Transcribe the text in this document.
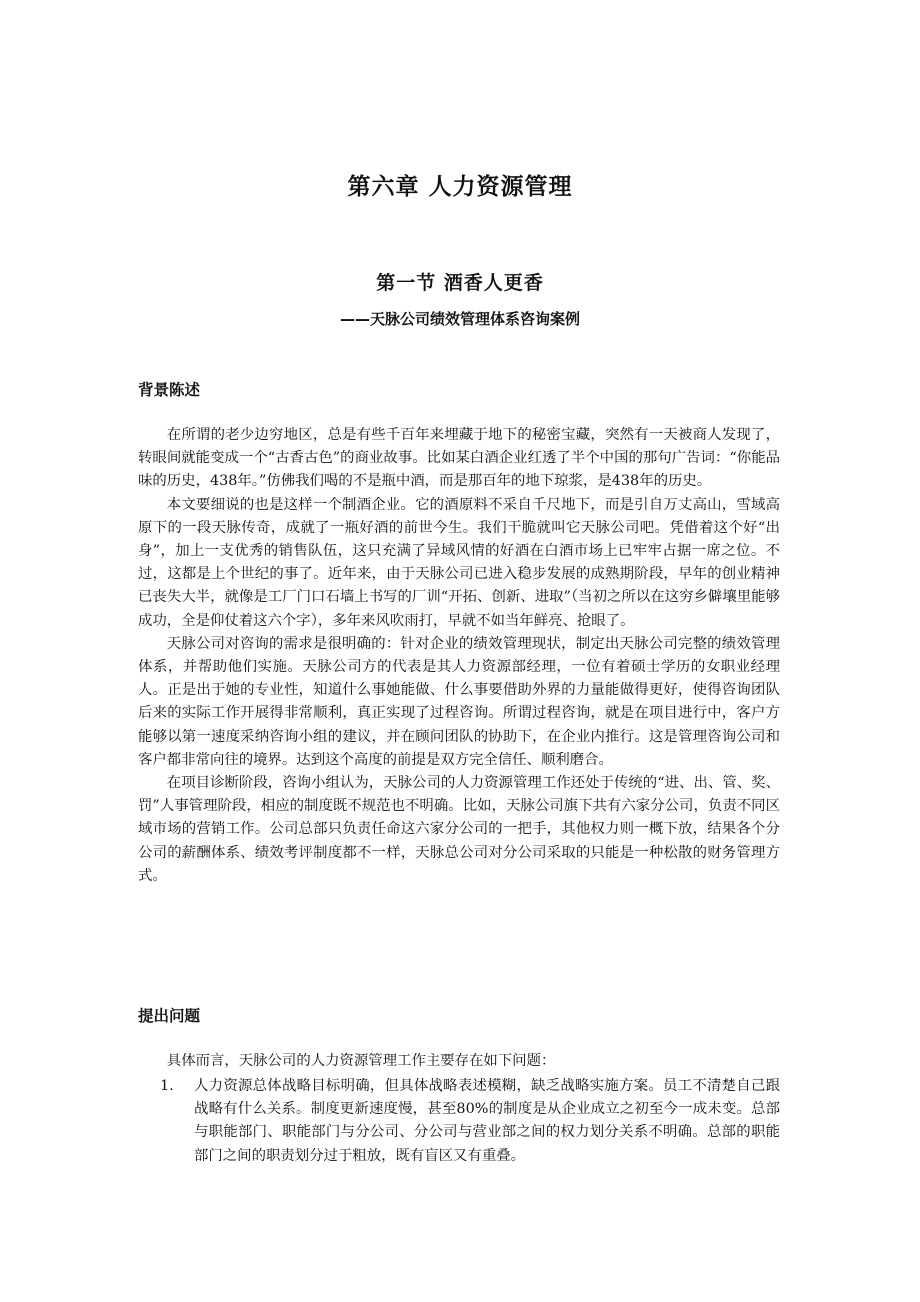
第六章 人力资源管理
第一节 酒香人更香
——天脉公司绩效管理体系咨询案例
背景陈述

在所谓的老少边穷地区，总是有些千百年来埋藏于地下的秘密宝藏，突然有一天被商人发现了，转眼间就能变成一个“古香古色”的商业故事。比如某白酒企业红透了半个中国的那句广告词：“你能品味的历史，438年。”仿佛我们喝的不是瓶中酒，而是那百年的地下琼浆，是438年的历史。

本文要细说的也是这样一个制酒企业。它的酒原料不采自千尺地下，而是引自万丈高山，雪域高原下的一段天脉传奇，成就了一瓶好酒的前世今生。我们干脆就叫它天脉公司吧。凭借着这个好“出身”，加上一支优秀的销售队伍，这只充满了异域风情的好酒在白酒市场上已牢牢占据一席之位。不过，这都是上个世纪的事了。近年来，由于天脉公司已进入稳步发展的成熟期阶段，早年的创业精神已丧失大半，就像是工厂门口石墙上书写的厂训“开拓、创新、进取”（当初之所以在这穷乡僻壤里能够成功，全是仰仗着这六个字），多年来风吹雨打，早就不如当年鲜亮、抢眼了。

天脉公司对咨询的需求是很明确的：针对企业的绩效管理现状，制定出天脉公司完整的绩效管理体系，并帮助他们实施。天脉公司方的代表是其人力资源部经理，一位有着硕士学历的女职业经理人。正是出于她的专业性，知道什么事她能做、什么事要借助外界的力量能做得更好，使得咨询团队后来的实际工作开展得非常顺利，真正实现了过程咨询。所谓过程咨询，就是在项目进行中，客户方能够以第一速度采纳咨询小组的建议，并在顾问团队的协助下，在企业内推行。这是管理咨询公司和客户都非常向往的境界。达到这个高度的前提是双方完全信任、顺利磨合。

在项目诊断阶段，咨询小组认为，天脉公司的人力资源管理工作还处于传统的“进、出、管、奖、罚”人事管理阶段，相应的制度既不规范也不明确。比如，天脉公司旗下共有六家分公司，负责不同区域市场的营销工作。公司总部只负责任命这六家分公司的一把手，其他权力则一概下放，结果各个分公司的薪酬体系、绩效考评制度都不一样，天脉总公司对分公司采取的只能是一种松散的财务管理方式。

提出问题

具体而言，天脉公司的人力资源管理工作主要存在如下问题：

1. 人力资源总体战略目标明确，但具体战略表述模糊，缺乏战略实施方案。员工不清楚自己跟战略有什么关系。制度更新速度慢，甚至80%的制度是从企业成立之初至今一成未变。总部与职能部门、职能部门与分公司、分公司与营业部之间的权力划分关系不明确。总部的职能部门之间的职责划分过于粗放，既有盲区又有重叠。
